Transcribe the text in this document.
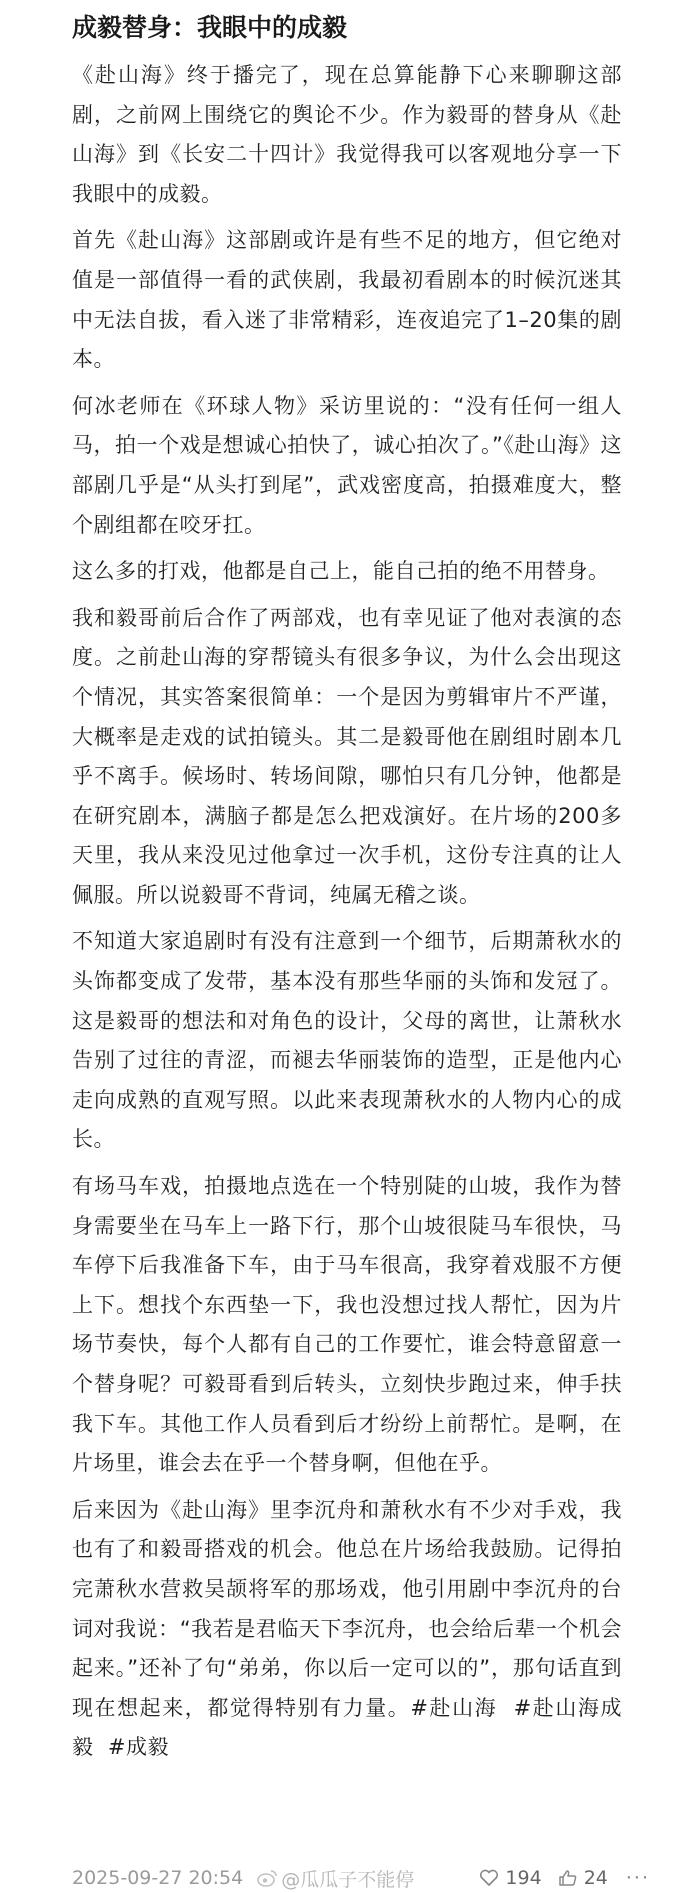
成毅替身：我眼中的成毅

《赴山海》终于播完了，现在总算能静下心来聊聊这部剧，之前网上围绕它的舆论不少。作为毅哥的替身从《赴山海》到《长安二十四计》我觉得我可以客观地分享一下我眼中的成毅。

首先《赴山海》这部剧或许是有些不足的地方，但它绝对值是一部值得一看的武侠剧，我最初看剧本的时候沉迷其中无法自拔，看入迷了非常精彩，连夜追完了1–20集的剧本。

何冰老师在《环球人物》采访里说的：“没有任何一组人马，拍一个戏是想诚心拍快了，诚心拍次了。”《赴山海》这部剧几乎是“从头打到尾”，武戏密度高，拍摄难度大，整个剧组都在咬牙扛。

这么多的打戏，他都是自己上，能自己拍的绝不用替身。

我和毅哥前后合作了两部戏，也有幸见证了他对表演的态度。之前赴山海的穿帮镜头有很多争议，为什么会出现这个情况，其实答案很简单：一个是因为剪辑审片不严谨，大概率是走戏的试拍镜头。其二是毅哥他在剧组时剧本几乎不离手。候场时、转场间隙，哪怕只有几分钟，他都是在研究剧本，满脑子都是怎么把戏演好。在片场的200多天里，我从来没见过他拿过一次手机，这份专注真的让人佩服。所以说毅哥不背词，纯属无稽之谈。

不知道大家追剧时有没有注意到一个细节，后期萧秋水的头饰都变成了发带，基本没有那些华丽的头饰和发冠了。这是毅哥的想法和对角色的设计，父母的离世，让萧秋水告别了过往的青涩，而褪去华丽装饰的造型，正是他内心走向成熟的直观写照。以此来表现萧秋水的人物内心的成长。

有场马车戏，拍摄地点选在一个特别陡的山坡，我作为替身需要坐在马车上一路下行，那个山坡很陡马车很快，马车停下后我准备下车，由于马车很高，我穿着戏服不方便上下。想找个东西垫一下，我也没想过找人帮忙，因为片场节奏快，每个人都有自己的工作要忙，谁会特意留意一个替身呢？可毅哥看到后转头，立刻快步跑过来，伸手扶我下车。其他工作人员看到后才纷纷上前帮忙。是啊，在片场里，谁会去在乎一个替身啊，但他在乎。

后来因为《赴山海》里李沉舟和萧秋水有不少对手戏，我也有了和毅哥搭戏的机会。他总在片场给我鼓励。记得拍完萧秋水营救吴颉将军的那场戏，他引用剧中李沉舟的台词对我说：“我若是君临天下李沉舟，也会给后辈一个机会起来。”还补了句“弟弟，你以后一定可以的”，那句话直到现在想起来，都觉得特别有力量。#赴山海 #赴山海成毅 #成毅

2025-09-27 20:54 @瓜瓜子不能停	194 24 ···
